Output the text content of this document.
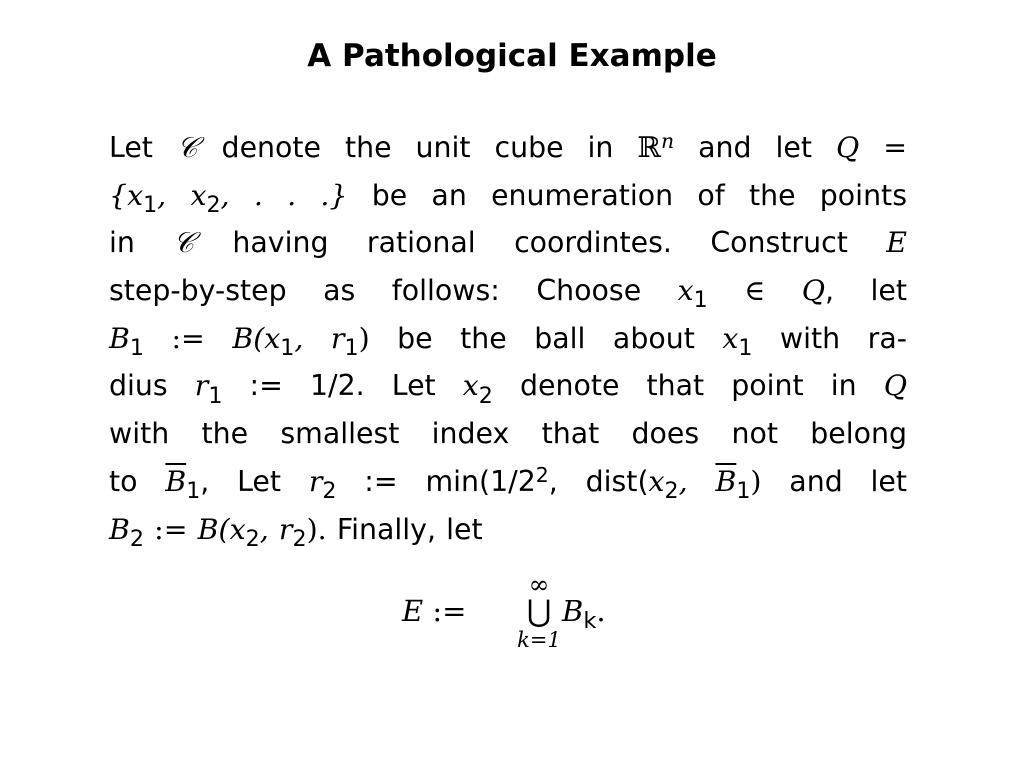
A Pathological Example
Let 𝒞 denote the unit cube in ℝ$^n$ and let Q =
{$x_1$, $x_2$, . . .} be an enumeration of the points
in 𝒞 having rational coordintes. Construct E
step-by-step as follows: Choose $x_1$ ∈ Q, let
$B_1$ := $B(x_1$, $r_1$) be the ball about $x_1$ with ra-
dius $r_1$ := 1/2. Let $x_2$ denote that point in Q
with the smallest index that does not belong
to $\overline{B}_1$, Let $r_2$ := $\min(1/2^2$, $dist(x_2$, $\overline{B}_1$) and let
$B_2$ := $B(x_2$, $r_2$). Finally, let
E :=
∞
⋃
k=1
$B_k$.
